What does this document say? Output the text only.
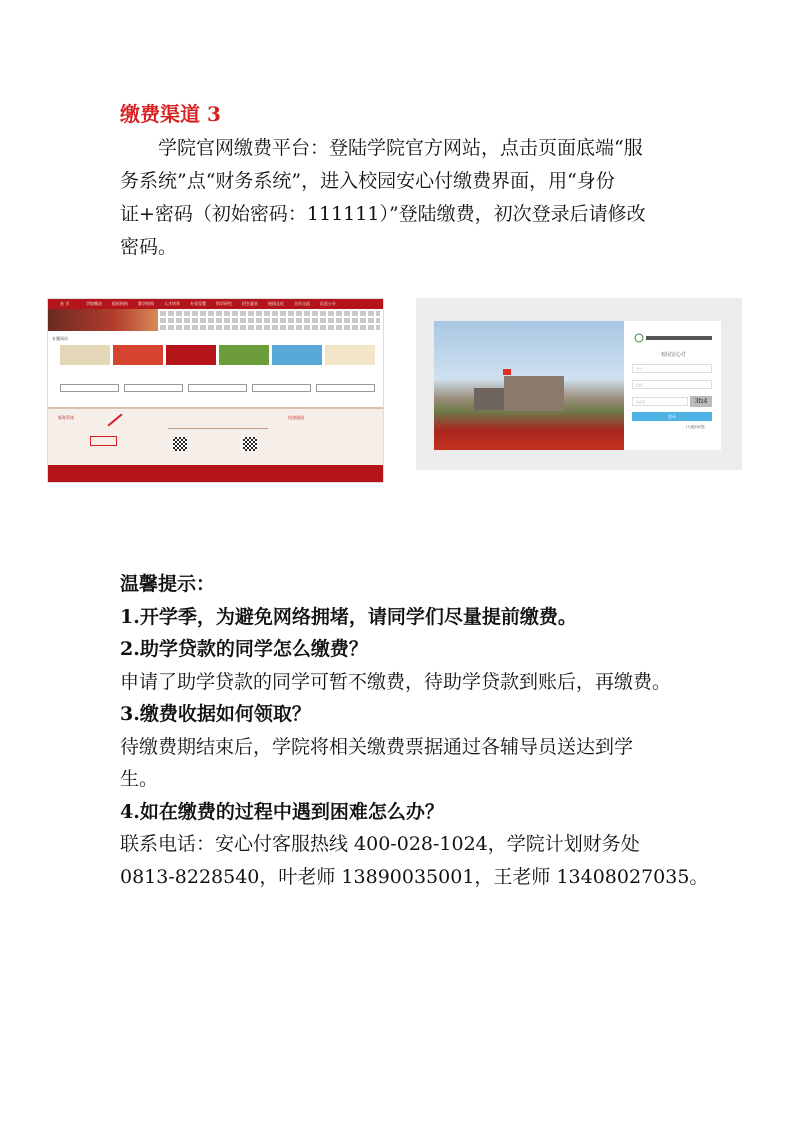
缴费渠道 3
学院官网缴费平台：登陆学院官方网站，点击页面底端“服
务系统”点“财务系统”，进入校园安心付缴费界面，用“身份
证+密码（初始密码：111111）”登陆缴费，初次登录后请修改
密码。
首 页	学院概况	组织机构	教学机构	人才培养	专业设置	科学研究	招生就业	校园文化	合作交流	信息公开
专题网站
服务系统	快速通道
校园安心付
学号
密码
验证码	3fz4
登录
(?)遇到问题
温馨提示：
1.开学季，为避免网络拥堵，请同学们尽量提前缴费。
2.助学贷款的同学怎么缴费？
申请了助学贷款的同学可暂不缴费，待助学贷款到账后，再缴费。
3.缴费收据如何领取？
待缴费期结束后，学院将相关缴费票据通过各辅导员送达到学
生。
4.如在缴费的过程中遇到困难怎么办？
联系电话：安心付客服热线 400-028-1024，学院计划财务处
0813-8228540，叶老师 13890035001，王老师 13408027035。
